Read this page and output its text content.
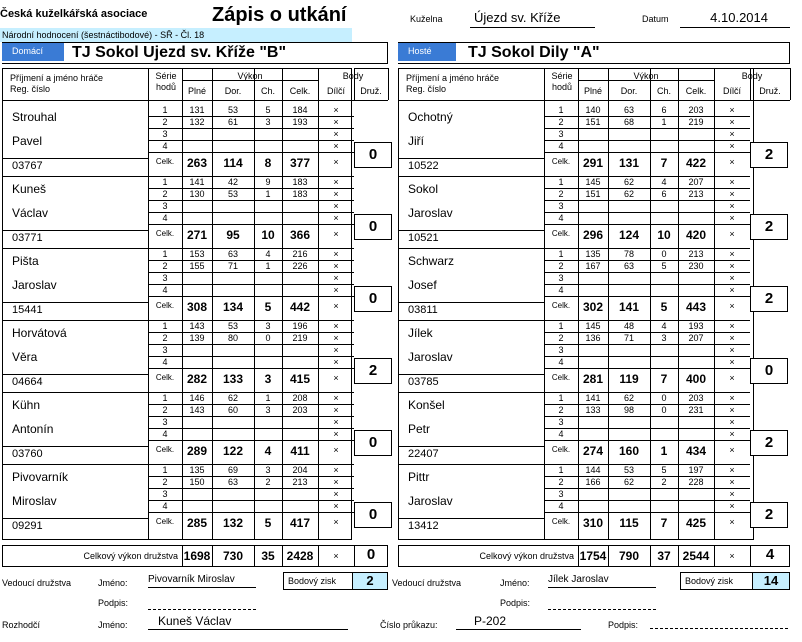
Česká kuželkářská asociace	Zápis o utkání
Národní hodnocení (šestnáctibodové) - SŘ - Čl. 18
Kuželna	Újezd sv. Kříže	Datum	4.10.2014
Domácí	TJ Sokol Ujezd sv. Kříže "B"
Příjmení a jméno hráče
Reg. číslo
Série
hodů
Výkon
Plné	Dor.	Ch.	Celk.
Body
Dílčí	Druž.
Strouhal
Pavel
03767
1	131	53	5	184	×
2	132	61	3	193	×
3	×
4	×
Celk.	263	114	8	377	×	0
Kuneš
Václav
03771
1	141	42	9	183	×
2	130	53	1	183	×
3	×
4	×
Celk.	271	95	10	366	×	0
Pišta
Jaroslav
15441
1	153	63	4	216	×
2	155	71	1	226	×
3	×
4	×
Celk.	308	134	5	442	×	0
Horvátová
Věra
04664
1	143	53	3	196	×
2	139	80	0	219	×
3	×
4	×
Celk.	282	133	3	415	×	2
Kühn
Antonín
03760
1	146	62	1	208	×
2	143	60	3	203	×
3	×
4	×
Celk.	289	122	4	411	×	0
Pivovarník
Miroslav
09291
1	135	69	3	204	×
2	150	63	2	213	×
3	×
4	×
Celk.	285	132	5	417	×	0
Celkový výkon družstva 1698	730	35 2428	×	0
Hosté	TJ Sokol Dily "A"
Příjmení a jméno hráče
Reg. číslo
Série
hodů
Výkon
Plné	Dor.	Ch.	Celk.
Body
Dílčí	Druž.
Ochotný
Jiří
10522
1	140	63	6	203	×
2	151	68	1	219	×
3	×
4	×
Celk.	291	131	7	422	×	2
Sokol
Jaroslav
10521
1	145	62	4	207	×
2	151	62	6	213	×
3	×
4	×
Celk.	296	124	10	420	×	2
Schwarz
Josef
03811
1	135	78	0	213	×
2	167	63	5	230	×
3	×
4	×
Celk.	302	141	5	443	×	2
Jílek
Jaroslav
03785
1	145	48	4	193	×
2	136	71	3	207	×
3	×
4	×
Celk.	281	119	7	400	×	0
Konšel
Petr
22407
1	141	62	0	203	×
2	133	98	0	231	×
3	×
4	×
Celk.	274	160	1	434	×	2
Pittr
Jaroslav
13412
1	144	53	5	197	×
2	166	62	2	228	×
3	×
4	×
Celk.	310	115	7	425	×	2
Celkový výkon družstva 1754	790	37 2544	×	4
Vedoucí družstva	Jméno: Pivovarník Miroslav
Podpis:
Bodový zisk	2	Vedoucí družstva	Jméno: Jílek Jaroslav
Podpis:
Bodový zisk	14
Rozhodčí	Jméno:	Kuneš Václav	Číslo průkazu:	P-202	Podpis:
